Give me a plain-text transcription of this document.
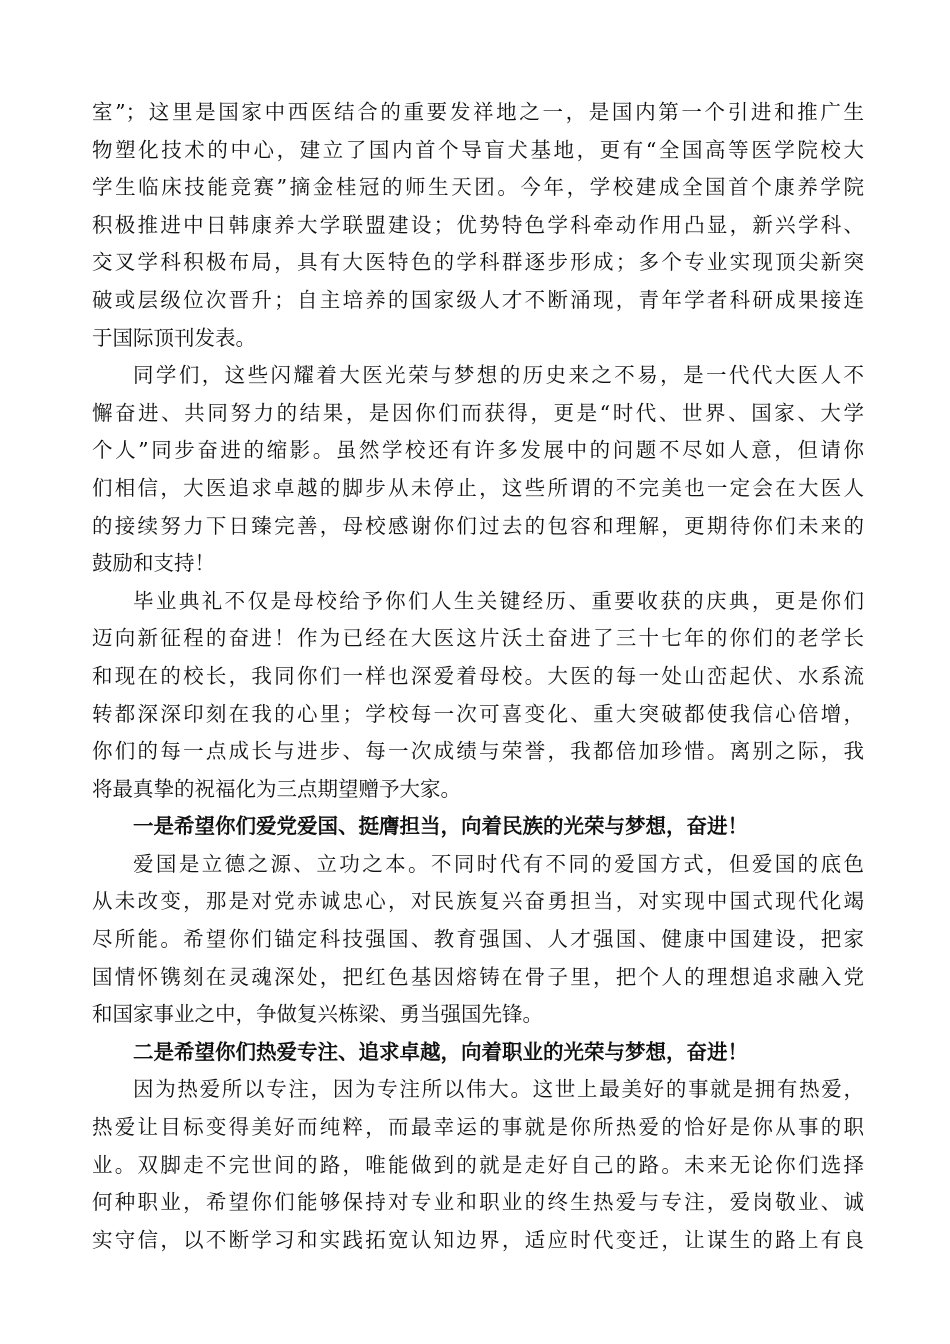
室”；这里是国家中西医结合的重要发祥地之一，是国内第一个引进和推广生
物塑化技术的中心，建立了国内首个导盲犬基地，更有“全国高等医学院校大
学生临床技能竞赛”摘金桂冠的师生天团。今年，学校建成全国首个康养学院
积极推进中日韩康养大学联盟建设；优势特色学科牵动作用凸显，新兴学科、
交叉学科积极布局，具有大医特色的学科群逐步形成；多个专业实现顶尖新突
破或层级位次晋升；自主培养的国家级人才不断涌现，青年学者科研成果接连
于国际顶刊发表。
同学们，这些闪耀着大医光荣与梦想的历史来之不易，是一代代大医人不
懈奋进、共同努力的结果，是因你们而获得，更是“时代、世界、国家、大学
个人”同步奋进的缩影。虽然学校还有许多发展中的问题不尽如人意，但请你
们相信，大医追求卓越的脚步从未停止，这些所谓的不完美也一定会在大医人
的接续努力下日臻完善，母校感谢你们过去的包容和理解，更期待你们未来的
鼓励和支持！
毕业典礼不仅是母校给予你们人生关键经历、重要收获的庆典，更是你们
迈向新征程的奋进！作为已经在大医这片沃土奋进了三十七年的你们的老学长
和现在的校长，我同你们一样也深爱着母校。大医的每一处山峦起伏、水系流
转都深深印刻在我的心里；学校每一次可喜变化、重大突破都使我信心倍增，
你们的每一点成长与进步、每一次成绩与荣誉，我都倍加珍惜。离别之际，我
将最真挚的祝福化为三点期望赠予大家。
一是希望你们爱党爱国、挺膺担当，向着民族的光荣与梦想，奋进！
爱国是立德之源、立功之本。不同时代有不同的爱国方式，但爱国的底色
从未改变，那是对党赤诚忠心，对民族复兴奋勇担当，对实现中国式现代化竭
尽所能。希望你们锚定科技强国、教育强国、人才强国、健康中国建设，把家
国情怀镌刻在灵魂深处，把红色基因熔铸在骨子里，把个人的理想追求融入党
和国家事业之中，争做复兴栋梁、勇当强国先锋。
二是希望你们热爱专注、追求卓越，向着职业的光荣与梦想，奋进！
因为热爱所以专注，因为专注所以伟大。这世上最美好的事就是拥有热爱，
热爱让目标变得美好而纯粹，而最幸运的事就是你所热爱的恰好是你从事的职
业。双脚走不完世间的路，唯能做到的就是走好自己的路。未来无论你们选择
何种职业，希望你们能够保持对专业和职业的终生热爱与专注，爱岗敬业、诚
实守信，以不断学习和实践拓宽认知边界，适应时代变迁，让谋生的路上有良
